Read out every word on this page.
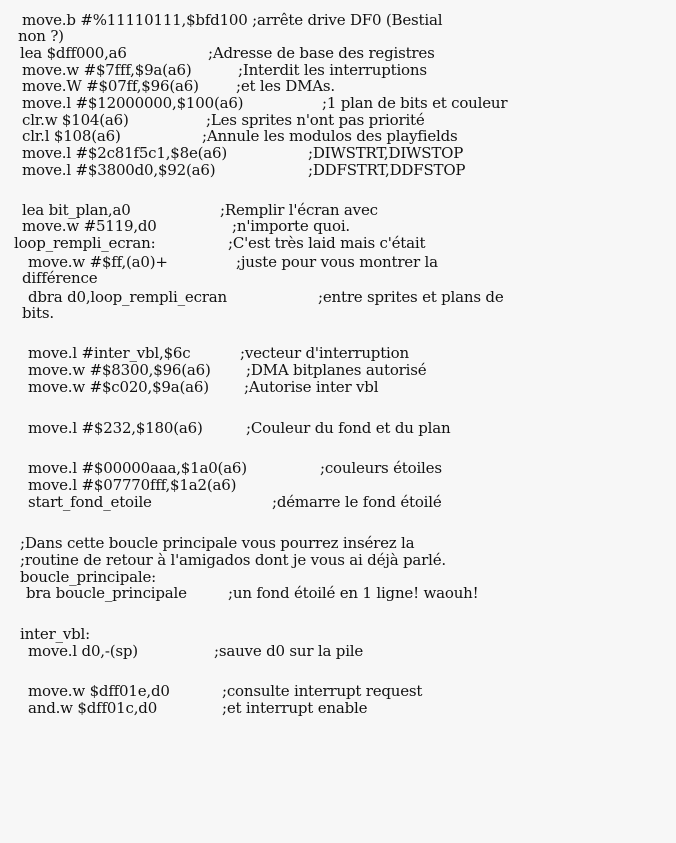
move.b #%11110111,$bfd100 ;arrête drive DF0 (Bestial
non ?)
lea $dff000,a6	;Adresse de base des registres
move.w #$7fff,$9a(a6)	;Interdit les interruptions
move.W #$07ff,$96(a6) ;et les DMAs.
move.l #$12000000,$100(a6)	;1 plan de bits et couleur
clr.w $104(a6)	;Les sprites n'ont pas priorité
clr.l $108(a6)	;Annule les modulos des playfields
move.l #$2c81f5c1,$8e(a6)	;DIWSTRT,DIWSTOP
move.l #$3800d0,$92(a6)	;DDFSTRT,DDFSTOP
lea bit_plan,a0	;Remplir l'écran avec
move.w #5119,d0	;n'importe quoi.
loop_rempli_ecran:	;C'est très laid mais c'était
move.w #$ff,(a0)+	;juste pour vous montrer la
différence
dbra d0,loop_rempli_ecran	;entre sprites et plans de
bits.
move.l #inter_vbl,$6c	;vecteur d'interruption
move.w #$8300,$96(a6) ;DMA bitplanes autorisé
move.w #$c020,$9a(a6) ;Autorise inter vbl
move.l #$232,$180(a6)	;Couleur du fond et du plan
move.l #$00000aaa,$1a0(a6)	;couleurs étoiles
move.l #$07770fff,$1a2(a6)
start_fond_etoile	;démarre le fond étoilé
;Dans cette boucle principale vous pourrez insérez la
;routine de retour à l'amigados dont je vous ai déjà parlé.
boucle_principale:
bra boucle_principale	;un fond étoilé en 1 ligne! waouh!
inter_vbl:
move.l d0,-(sp)	;sauve d0 sur la pile
move.w $dff01e,d0	;consulte interrupt request
and.w $dff01c,d0	;et interrupt enable
